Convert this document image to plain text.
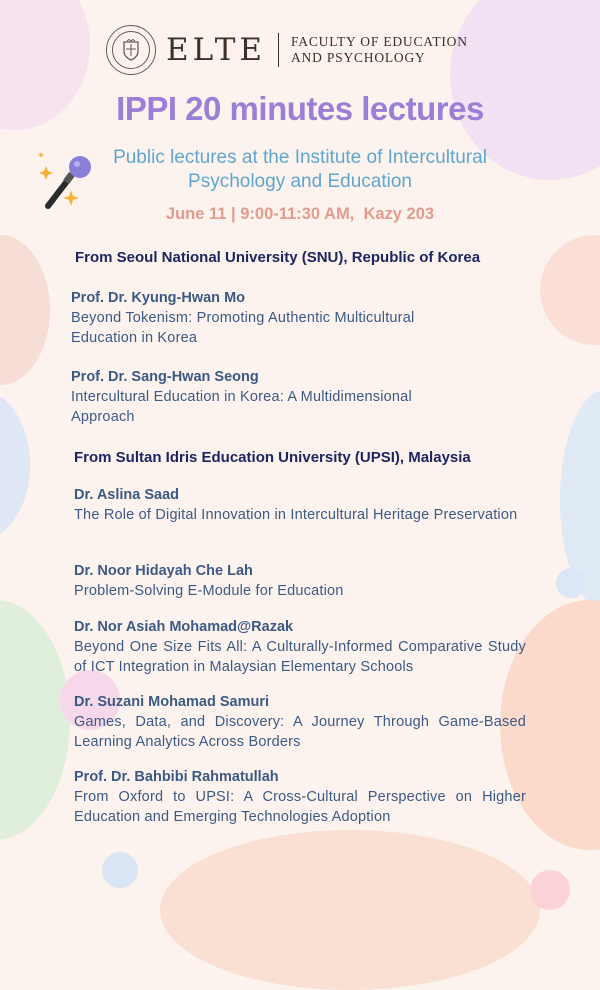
ELTE FACULTY OF EDUCATION
AND PSYCHOLOGY
IPPI 20 minutes lectures
Public lectures at the Institute of Intercultural Psychology and Education
June 11 | 9:00-11:30 AM,  Kazy 203
From Seoul National University (SNU), Republic of Korea
Prof. Dr. Kyung-Hwan Mo
Beyond Tokenism: Promoting Authentic Multicultural Education in Korea
Prof. Dr. Sang-Hwan Seong
Intercultural Education in Korea: A Multidimensional Approach
From Sultan Idris Education University (UPSI), Malaysia
Dr. Aslina Saad
The Role of Digital Innovation in Intercultural Heritage Preservation
Dr. Noor Hidayah Che Lah
Problem-Solving E-Module for Education
Dr. Nor Asiah Mohamad@Razak
Beyond One Size Fits All: A Culturally-Informed Comparative Study of ICT Integration in Malaysian Elementary Schools
Dr. Suzani Mohamad Samuri
Games, Data, and Discovery: A Journey Through Game-Based Learning Analytics Across Borders
Prof. Dr. Bahbibi Rahmatullah
From Oxford to UPSI: A Cross-Cultural Perspective on Higher Education and Emerging Technologies Adoption
